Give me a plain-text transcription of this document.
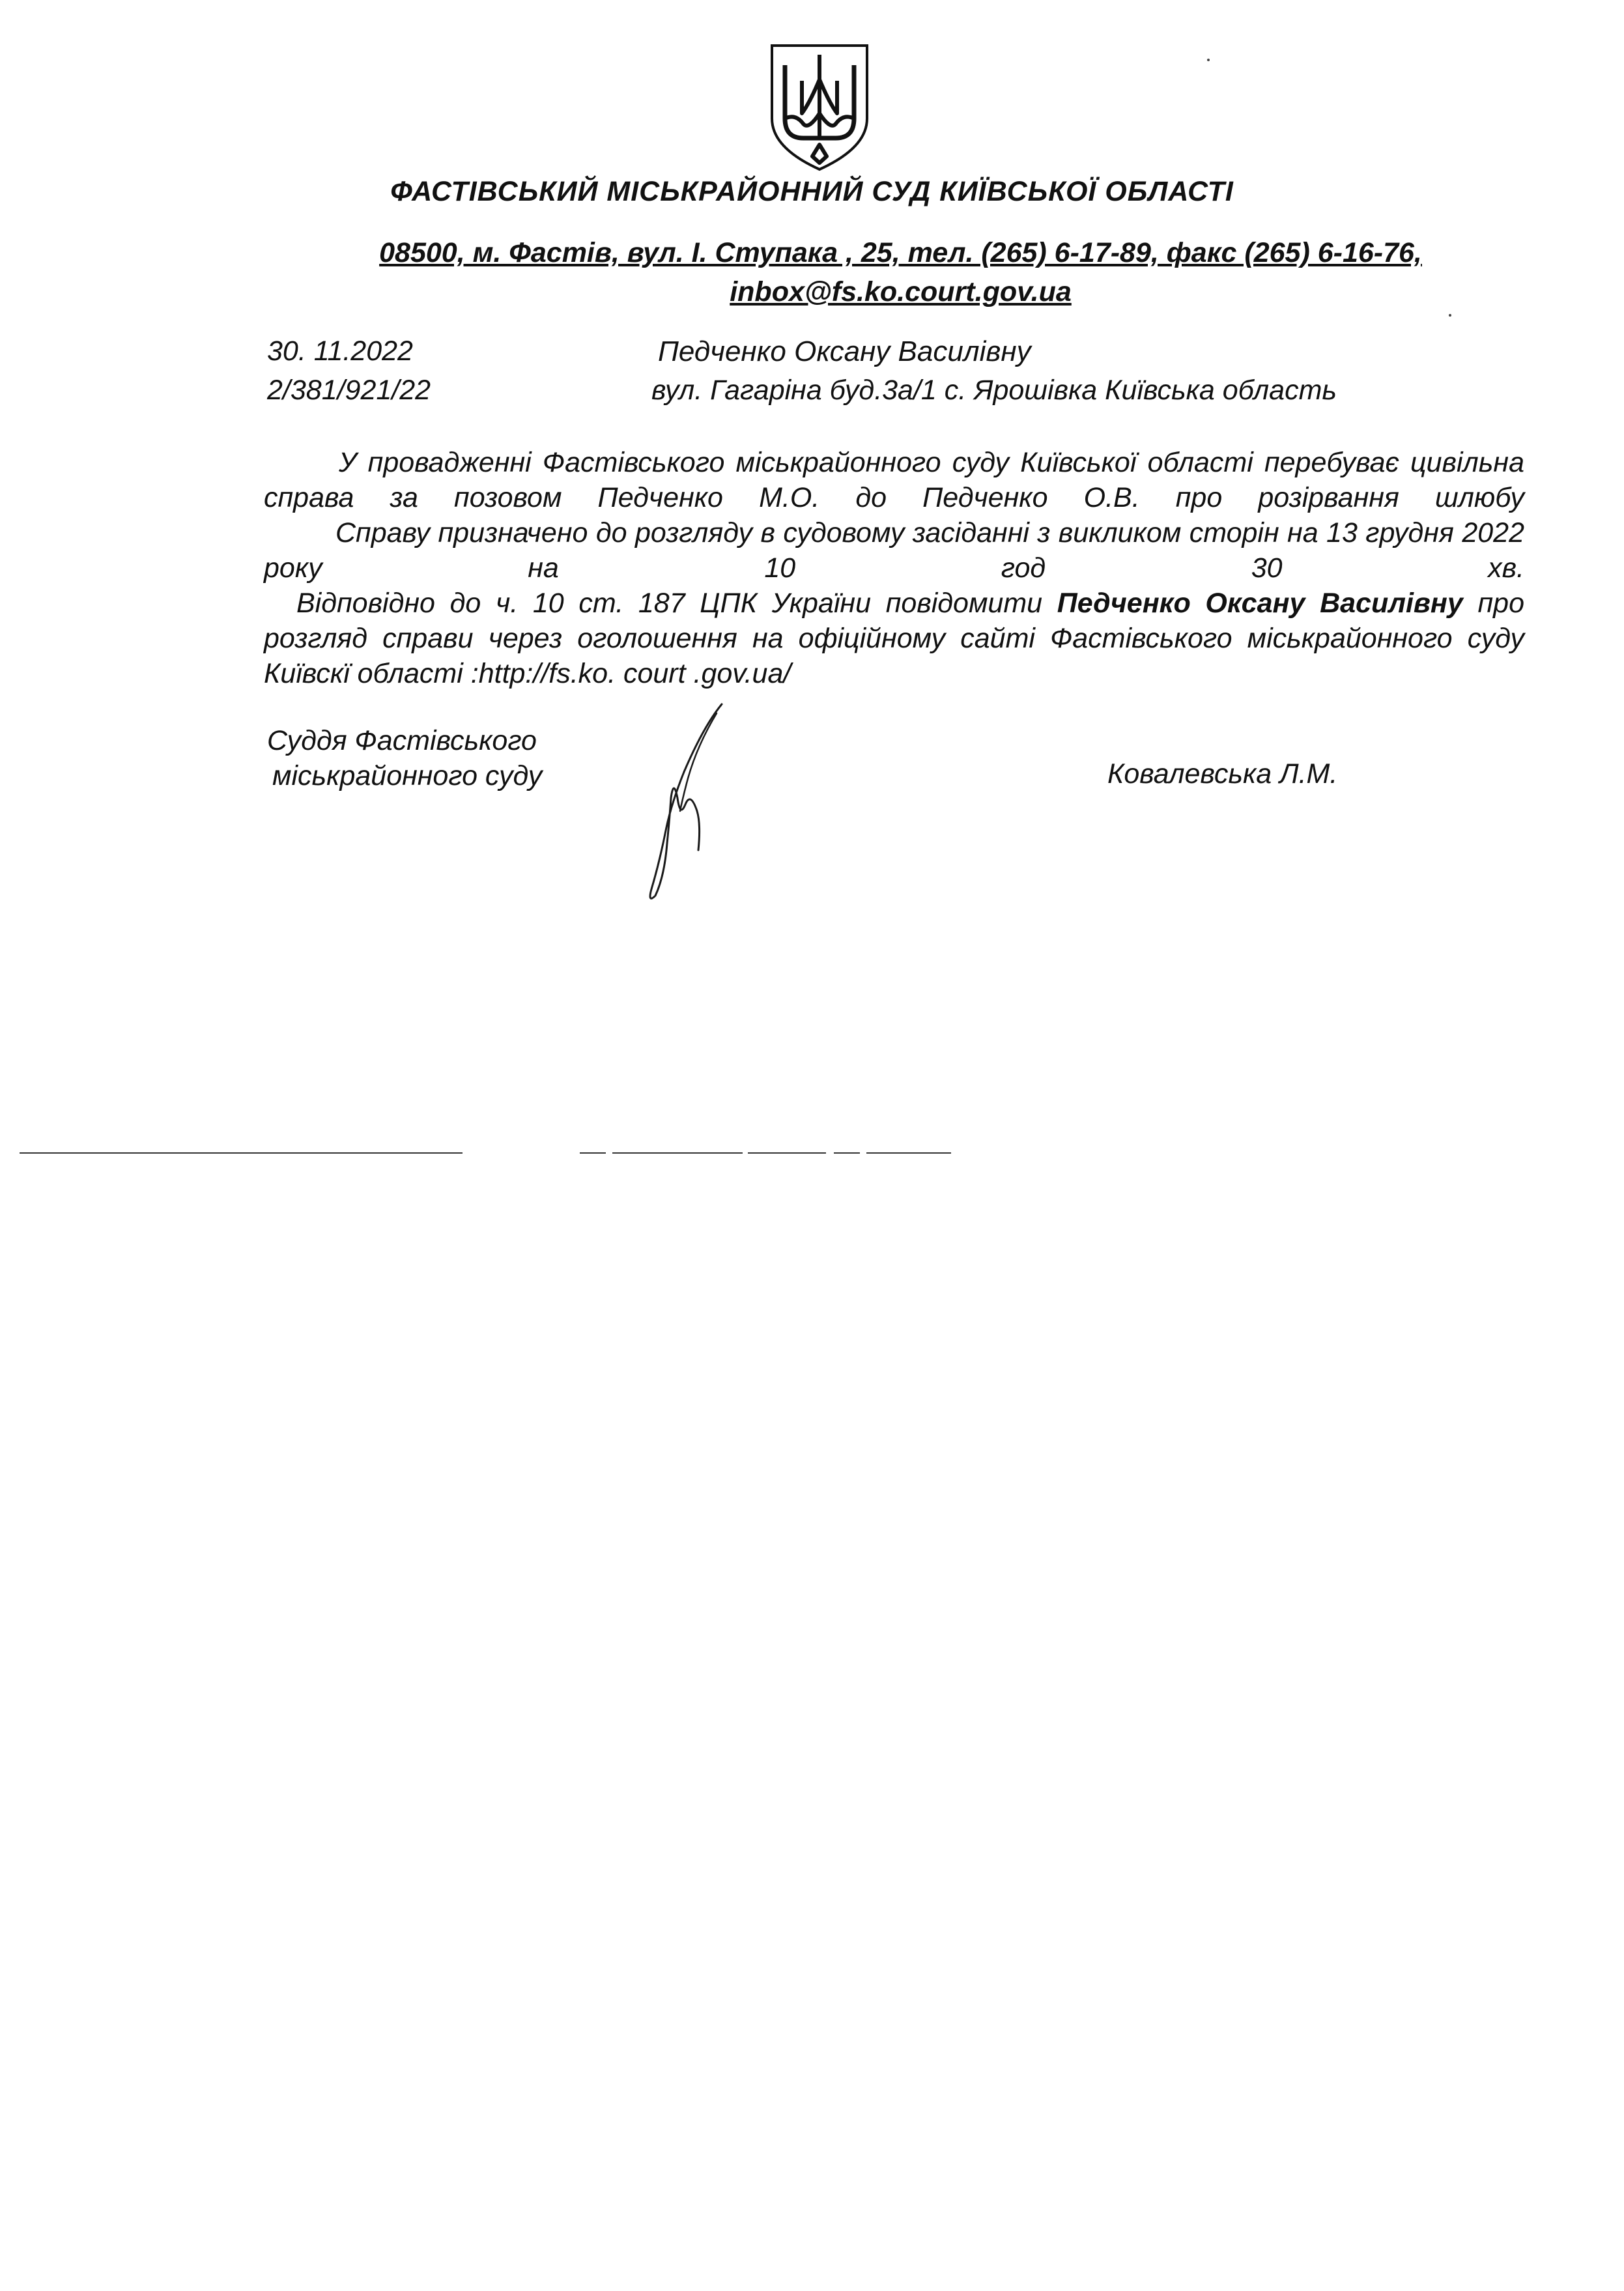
ФАСТІВСЬКИЙ МІСЬКРАЙОННИЙ СУД КИЇВСЬКОЇ ОБЛАСТІ
08500, м. Фастів, вул. І. Ступака , 25, тел. (265) 6-17-89, факс (265) 6-16-76,
inbox@fs.ko.court.gov.ua
30. 11.2022
2/381/921/22
Педченко Оксану Василівну
вул. Гагаріна буд.3а/1 с. Ярошівка Київська область

У провадженні Фастівського міськрайонного суду Київської області перебуває цивільна справа за позовом Педченко М.О. до Педченко О.В. про розірвання шлюбу

Справу призначено до розгляду в судовому засіданні з викликом сторін на 13 грудня 2022 року на 10 год 30 хв.

Відповідно до ч. 10 ст. 187 ЦПК України повідомити Педченко Оксану Василівну про розгляд справи через оголошення на офіційному сайті Фастівського міськрайонного суду Київскї області :http://fs.ko. court .gov.ua/

Суддя Фастівського
міськрайонного суду	Ковалевська Л.М.
